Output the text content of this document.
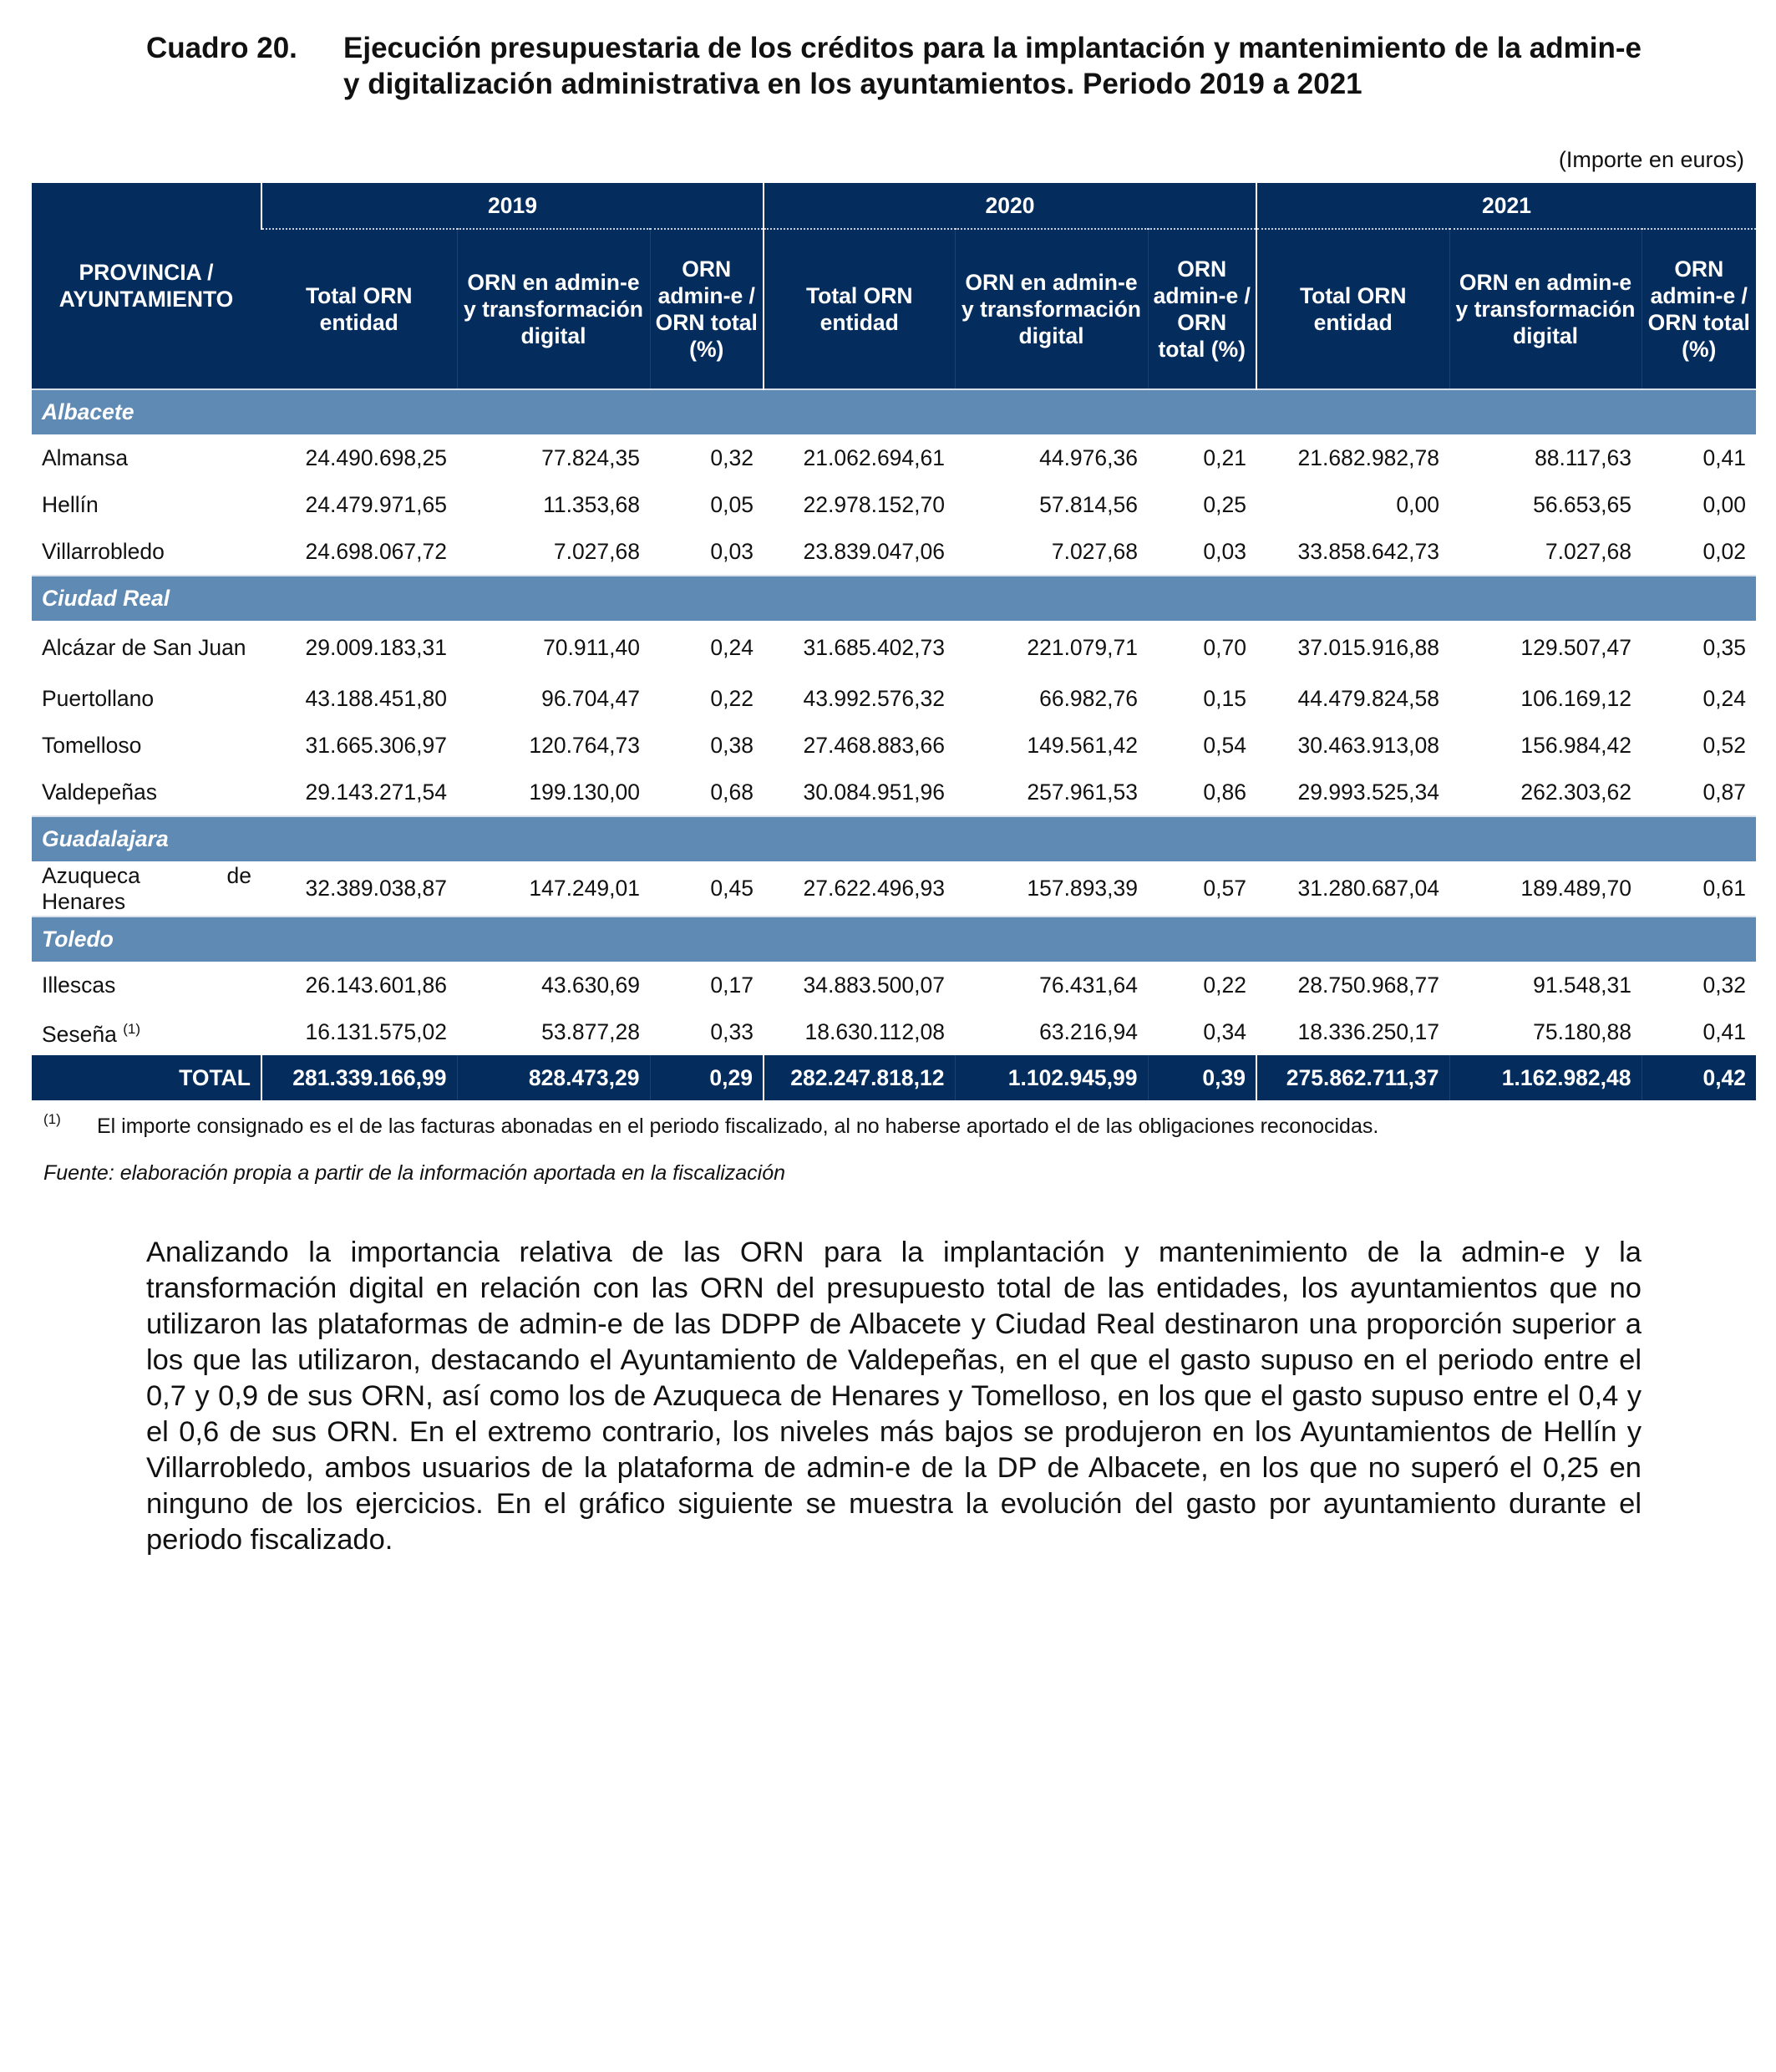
Cuadro 20.	Ejecución presupuestaria de los créditos para la implantación y mantenimiento de la admin-e y digitalización administrativa en los ayuntamientos. Periodo 2019 a 2021
(Importe en euros)
PROVINCIA / AYUNTAMIENTO	2019			2020			2021		
	Total ORN entidad	ORN en admin-e y transformación digital	ORN admin-e / ORN total (%)	Total ORN entidad	ORN en admin-e y transformación digital	ORN admin-e / ORN total (%)	Total ORN entidad	ORN en admin-e y transformación digital	ORN admin-e / ORN total (%)
Albacete									
Almansa	24.490.698,25	77.824,35	0,32	21.062.694,61	44.976,36	0,21	21.682.982,78	88.117,63	0,41
Hellín	24.479.971,65	11.353,68	0,05	22.978.152,70	57.814,56	0,25	0,00	56.653,65	0,00
Villarrobledo	24.698.067,72	7.027,68	0,03	23.839.047,06	7.027,68	0,03	33.858.642,73	7.027,68	0,02
Ciudad Real									

Alcázar de San Juan	29.009.183,31	70.911,40	0,24	31.685.402,73	221.079,71	0,70	37.015.916,88	129.507,47	0,35
Puertollano	43.188.451,80	96.704,47	0,22	43.992.576,32	66.982,76	0,15	44.479.824,58	106.169,12	0,24
Tomelloso	31.665.306,97	120.764,73	0,38	27.468.883,66	149.561,42	0,54	30.463.913,08	156.984,42	0,52
Valdepeñas	29.143.271,54	199.130,00	0,68	30.084.951,96	257.961,53	0,86	29.993.525,34	262.303,62	0,87
Guadalajara									

Azuqueca de Henares	32.389.038,87	147.249,01	0,45	27.622.496,93	157.893,39	0,57	31.280.687,04	189.489,70	0,61
Toledo									
Illescas	26.143.601,86	43.630,69	0,17	34.883.500,07	76.431,64	0,22	28.750.968,77	91.548,31	0,32
Seseña $^{(1)}$	16.131.575,02	53.877,28	0,33	18.630.112,08	63.216,94	0,34	18.336.250,17	75.180,88	0,41
TOTAL	281.339.166,99	828.473,29	0,29	282.247.818,12	1.102.945,99	0,39	275.862.711,37	1.162.982,48	0,42
(1) El importe consignado es el de las facturas abonadas en el periodo fiscalizado, al no haberse aportado el de las obligaciones reconocidas.
Fuente: elaboración propia a partir de la información aportada en la fiscalización
Analizando la importancia relativa de las ORN para la implantación y mantenimiento de la admin-e y la transformación digital en relación con las ORN del presupuesto total de las entidades, los ayuntamientos que no utilizaron las plataformas de admin-e de las DDPP de Albacete y Ciudad Real destinaron una proporción superior a los que las utilizaron, destacando el Ayuntamiento de Valdepeñas, en el que el gasto supuso en el periodo entre el 0,7 y 0,9 de sus ORN, así como los de Azuqueca de Henares y Tomelloso, en los que el gasto supuso entre el 0,4 y el 0,6 de sus ORN. En el extremo contrario, los niveles más bajos se produjeron en los Ayuntamientos de Hellín y Villarrobledo, ambos usuarios de la plataforma de admin-e de la DP de Albacete, en los que no superó el 0,25 en ninguno de los ejercicios. En el gráfico siguiente se muestra la evolución del gasto por ayuntamiento durante el periodo fiscalizado.
